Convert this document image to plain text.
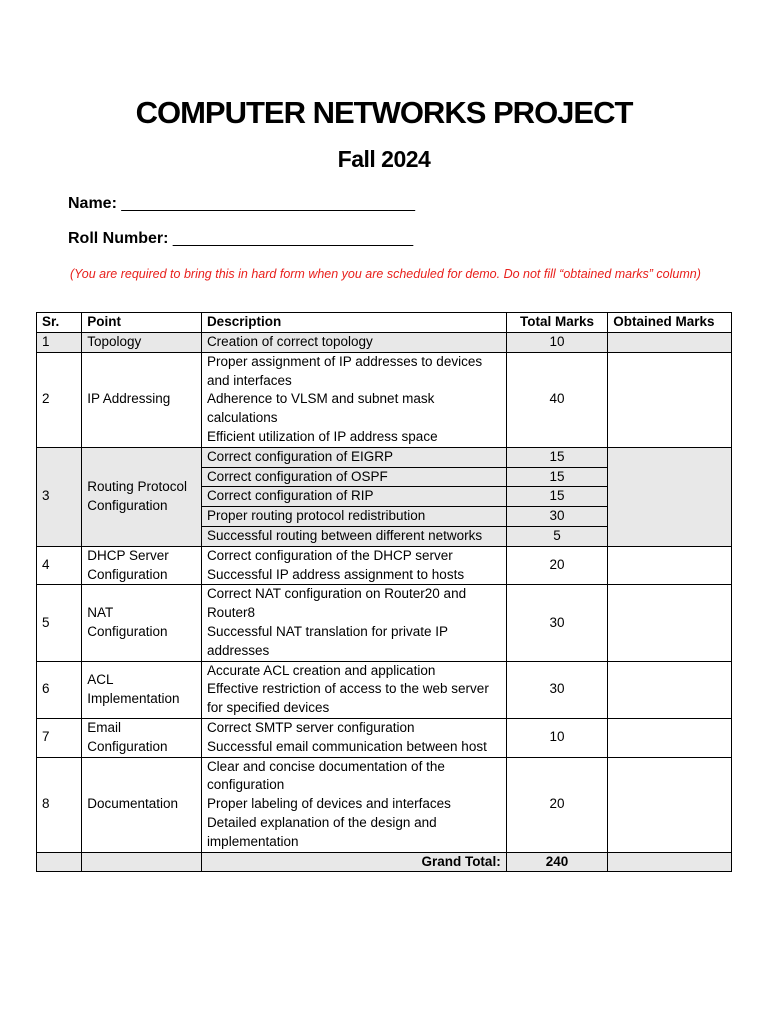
COMPUTER NETWORKS PROJECT
Fall 2024
Name: _________________________________
Roll Number: ___________________________
(You are required to bring this in hard form when you are scheduled for demo. Do not fill “obtained marks” column)
Sr.	Point	Description	Total Marks	Obtained Marks
1	Topology	Creation of correct topology	10	
2	IP Addressing	Proper assignment of IP addresses to devices and interfaces
Adherence to VLSM and subnet mask calculations
Efficient utilization of IP address space	40	
3	Routing Protocol Configuration	Correct configuration of EIGRP	15	

		Correct configuration of OSPF	15	

		Correct configuration of RIP	15	

		Proper routing protocol redistribution	30	

		Successful routing between different networks	5	
4	DHCP Server Configuration	Correct configuration of the DHCP server
Successful IP address assignment to hosts	20	
5	NAT Configuration	Correct NAT configuration on Router20 and Router8
Successful NAT translation for private IP addresses	30	
6	ACL Implementation	Accurate ACL creation and application
Effective restriction of access to the web server for specified devices	30	
7	Email Configuration	Correct SMTP server configuration
Successful email communication between host	10	
8	Documentation	Clear and concise documentation of the configuration
Proper labeling of devices and interfaces
Detailed explanation of the design and implementation	20	
		Grand Total:	240	
